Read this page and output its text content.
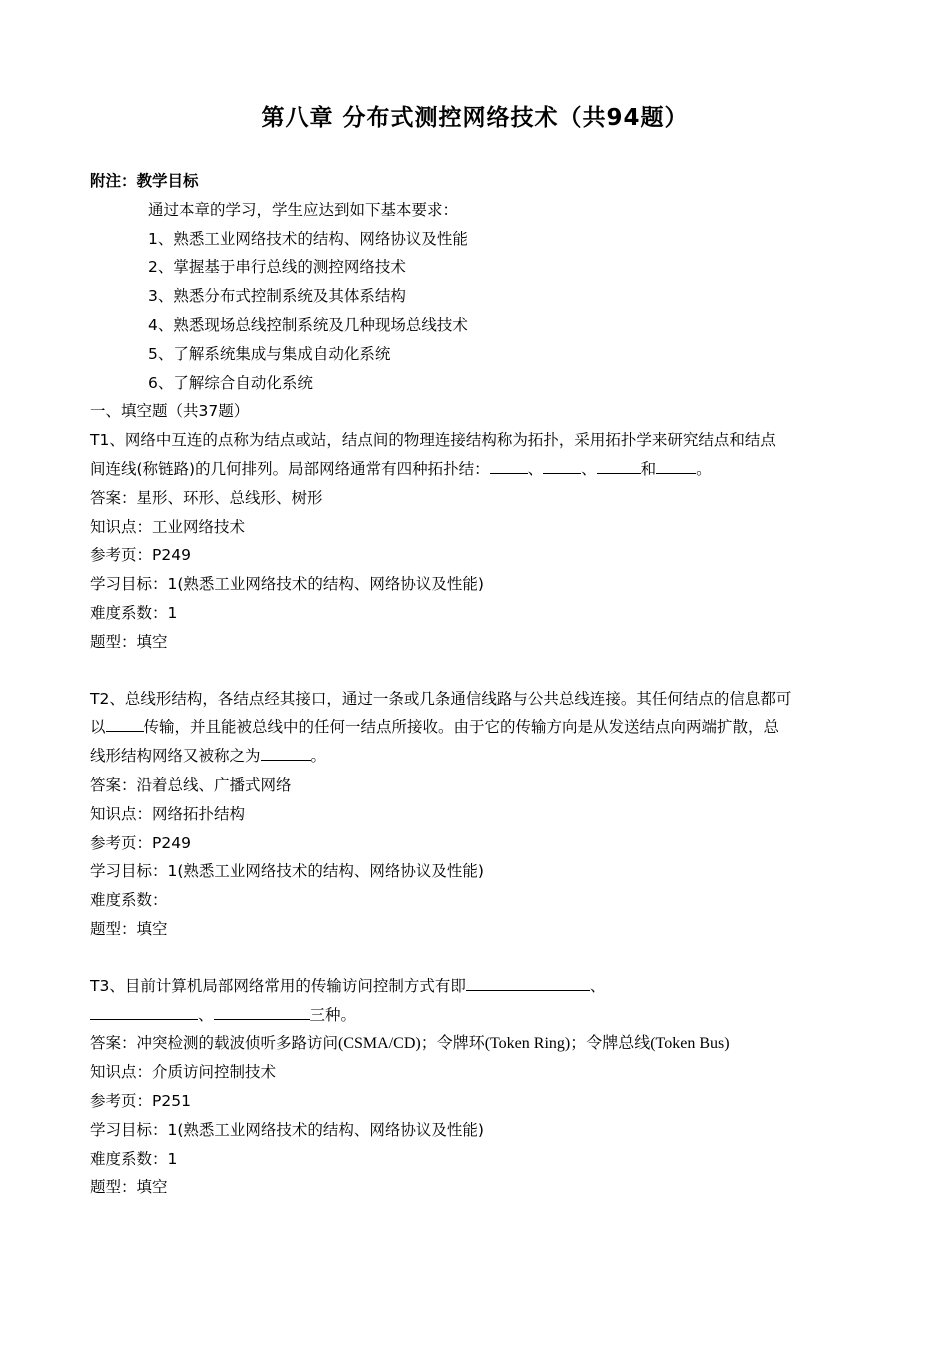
第八章 分布式测控网络技术（共94题）
附注：教学目标
通过本章的学习，学生应达到如下基本要求：
1、熟悉工业网络技术的结构、网络协议及性能
2、掌握基于串行总线的测控网络技术
3、熟悉分布式控制系统及其体系结构
4、熟悉现场总线控制系统及几种现场总线技术
5、了解系统集成与集成自动化系统
6、了解综合自动化系统
一、填空题（共37题）
T1、网络中互连的点称为结点或站，结点间的物理连接结构称为拓扑，采用拓扑学来研究结点和结点
间连线(称链路)的几何排列。局部网络通常有四种拓扑结： 、 、	和	。
答案：星形、环形、总线形、树形
知识点：工业网络技术
参考页：P249
学习目标：1(熟悉工业网络技术的结构、网络协议及性能)
难度系数：1
题型：填空
T2、总线形结构，各结点经其接口，通过一条或几条通信线路与公共总线连接。其任何结点的信息都可
以 传输，并且能被总线中的任何一结点所接收。由于它的传输方向是从发送结点向两端扩散，总
线形结构网络又被称之为	。
答案：沿着总线、广播式网络
知识点：网络拓扑结构
参考页：P249
学习目标：1(熟悉工业网络技术的结构、网络协议及性能)
难度系数：
题型：填空
T3、目前计算机局部网络常用的传输访问控制方式有即	、
、	三种。
答案：冲突检测的载波侦听多路访问(CSMA/CD)；令牌环(Token Ring)；令牌总线(Token Bus)
知识点：介质访问控制技术
参考页：P251
学习目标：1(熟悉工业网络技术的结构、网络协议及性能)
难度系数：1
题型：填空
